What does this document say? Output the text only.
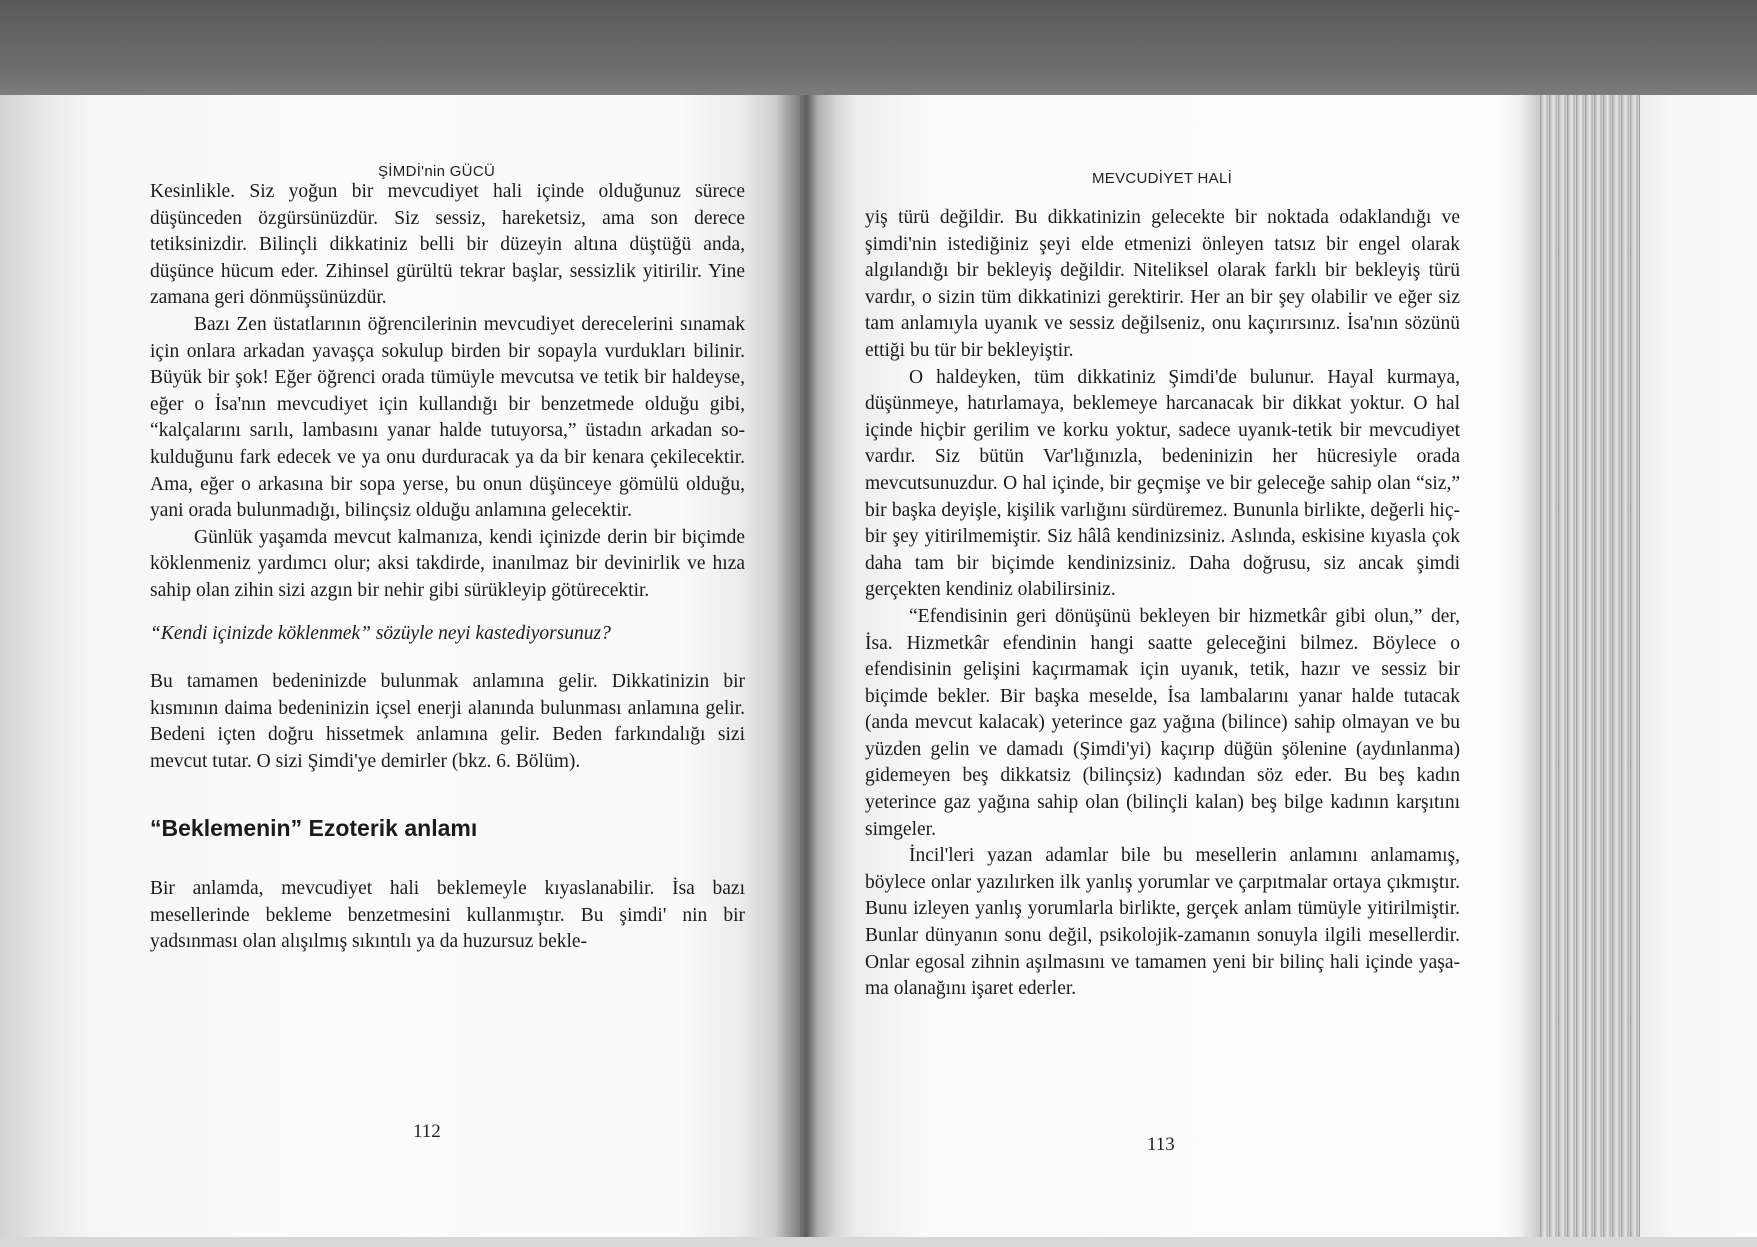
ŞİMDİ'nin GÜCÜ

Kesinlikle. Siz yoğun bir mevcudiyet hali içinde olduğunuz sürece düşünceden özgürsünüzdür. Siz sessiz, hareketsiz, ama son derece tetiksinizdir. Bilinçli dikkatiniz belli bir düzeyin altına düştüğü anda, düşünce hücum eder. Zihinsel gürültü tekrar başlar, sessizlik yitirilir. Yine zamana geri dönmüşsünüzdür.

Bazı Zen üstatlarının öğrencilerinin mevcudiyet derecelerini sınamak için onlara arkadan yavaşça sokulup birden bir sopayla vurdukları bilinir. Büyük bir şok! Eğer öğrenci orada tümüyle mevcutsa ve tetik bir haldeyse, eğer o İsa'nın mevcudiyet için kullandığı bir benzetmede olduğu gibi, “kalçalarını sarılı, lambasını yanar halde tutuyorsa,” üstadın arkadan sokulduğunu fark edecek ve ya onu durduracak ya da bir kenara çekilecektir. Ama, eğer o arkasına bir sopa yerse, bu onun düşünceye gömülü olduğu, yani orada bulunmadığı, bilinçsiz olduğu anlamına gelecektir.

Günlük yaşamda mevcut kalmanıza, kendi içinizde derin bir biçimde köklenmeniz yardımcı olur; aksi takdirde, inanılmaz bir devinirlik ve hıza sahip olan zihin sizi azgın bir nehir gibi sürükleyip götürecektir.

“Kendi içinizde köklenmek” sözüyle neyi kastediyorsunuz?

Bu tamamen bedeninizde bulunmak anlamına gelir. Dikkatinizin bir kısmının daima bedeninizin içsel enerji alanında bulunması anlamına gelir. Bedeni içten doğru hissetmek anlamına gelir. Beden farkındalığı sizi mevcut tutar. O sizi Şimdi'ye demirler (bkz. 6. Bölüm).

“Beklemenin” Ezoterik anlamı

Bir anlamda, mevcudiyet hali beklemeyle kıyaslanabilir. İsa bazı mesellerinde bekleme benzetmesini kullanmıştır. Bu şimdi' nin bir yadsınması olan alışılmış sıkıntılı ya da huzursuz bekle-

112
MEVCUDİYET HALİ

yiş türü değildir. Bu dikkatinizin gelecekte bir noktada odaklandığı ve şimdi'nin istediğiniz şeyi elde etmenizi önleyen tatsız bir engel olarak algılandığı bir bekleyiş değildir. Niteliksel olarak farklı bir bekleyiş türü vardır, o sizin tüm dikkatinizi gerektirir. Her an bir şey olabilir ve eğer siz tam anlamıyla uyanık ve sessiz değilseniz, onu kaçırırsınız. İsa'nın sözünü ettiği bu tür bir bekleyiştir.

O haldeyken, tüm dikkatiniz Şimdi'de bulunur. Hayal kurmaya, düşünmeye, hatırlamaya, beklemeye harcanacak bir dikkat yoktur. O hal içinde hiçbir gerilim ve korku yoktur, sadece uyanık-tetik bir mevcudiyet vardır. Siz bütün Var'lığınızla, bedeninizin her hücresiyle orada mevcutsunuzdur. O hal içinde, bir geçmişe ve bir geleceğe sahip olan “siz,” bir başka deyişle, kişilik varlığını sürdüremez. Bununla birlikte, değerli hiçbir şey yitirilmemiştir. Siz hâlâ kendinizsiniz. Aslında, eskisine kıyasla çok daha tam bir biçimde kendinizsiniz. Daha doğrusu, siz ancak şimdi gerçekten kendiniz olabilirsiniz.

“Efendisinin geri dönüşünü bekleyen bir hizmetkâr gibi olun,” der, İsa. Hizmetkâr efendinin hangi saatte geleceğini bilmez. Böylece o efendisinin gelişini kaçırmamak için uyanık, tetik, hazır ve sessiz bir biçimde bekler. Bir başka meselde, İsa lambalarını yanar halde tutacak (anda mevcut kalacak) yeterince gaz yağına (bilince) sahip olmayan ve bu yüzden gelin ve damadı (Şimdi'yi) kaçırıp düğün şölenine (aydınlanma) gidemeyen beş dikkatsiz (bilinçsiz) kadından söz eder. Bu beş kadın yeterince gaz yağına sahip olan (bilinçli kalan) beş bilge kadının karşıtını simgeler.

İncil'leri yazan adamlar bile bu mesellerin anlamını anlamamış, böylece onlar yazılırken ilk yanlış yorumlar ve çarpıtmalar ortaya çıkmıştır. Bunu izleyen yanlış yorumlarla birlikte, gerçek anlam tümüyle yitirilmiştir. Bunlar dünyanın sonu değil, psikolojik-zamanın sonuyla ilgili mesellerdir. Onlar egosal zihnin aşılmasını ve tamamen yeni bir bilinç hali içinde yaşama olanağını işaret ederler.

113
